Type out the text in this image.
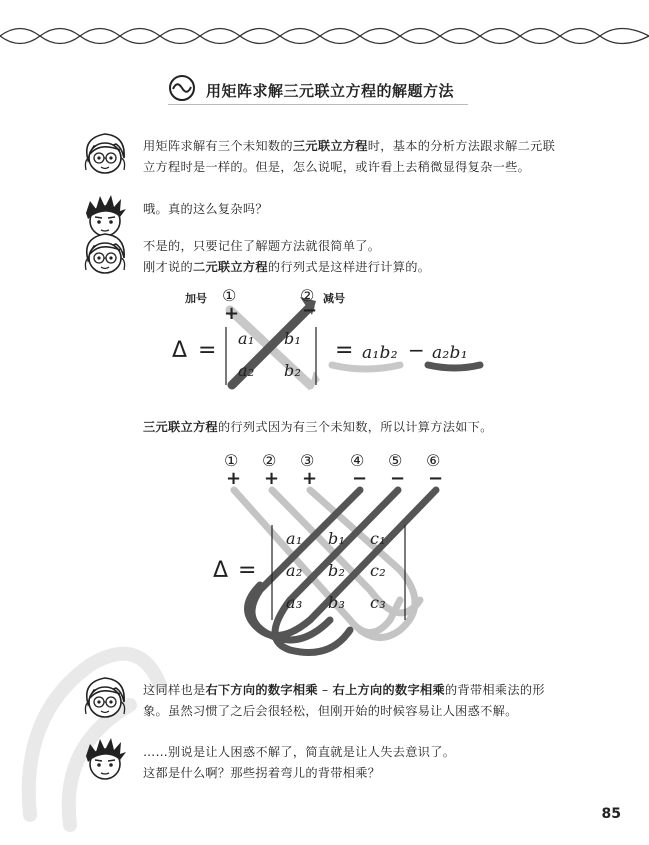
用矩阵求解三元联立方程的解题方法
用矩阵求解有三个未知数的三元联立方程时，基本的分析方法跟求解二元联
立方程时是一样的。但是，怎么说呢，或许看上去稍微显得复杂一些。
哦。真的这么复杂吗？
不是的，只要记住了解题方法就很简单了。
刚才说的二元联立方程的行列式是这样进行计算的。
加号 ①
+
② 减号
−
Δ = a₁ b₁
a₂ b₂
= a₁b₂ − a₂b₁
三元联立方程的行列式因为有三个未知数，所以计算方法如下。
①
+
②
+
③
+
④
−
⑤
−
⑥
−
a₁ b₁ c₁
a₂ b₂ c₂
a₃ b₃ c₃
Δ =
这同样也是右下方向的数字相乘 – 右上方向的数字相乘的背带相乘法的形
象。虽然习惯了之后会很轻松，但刚开始的时候容易让人困惑不解。
……别说是让人困惑不解了，简直就是让人失去意识了。
这都是什么啊？那些拐着弯儿的背带相乘？
85
